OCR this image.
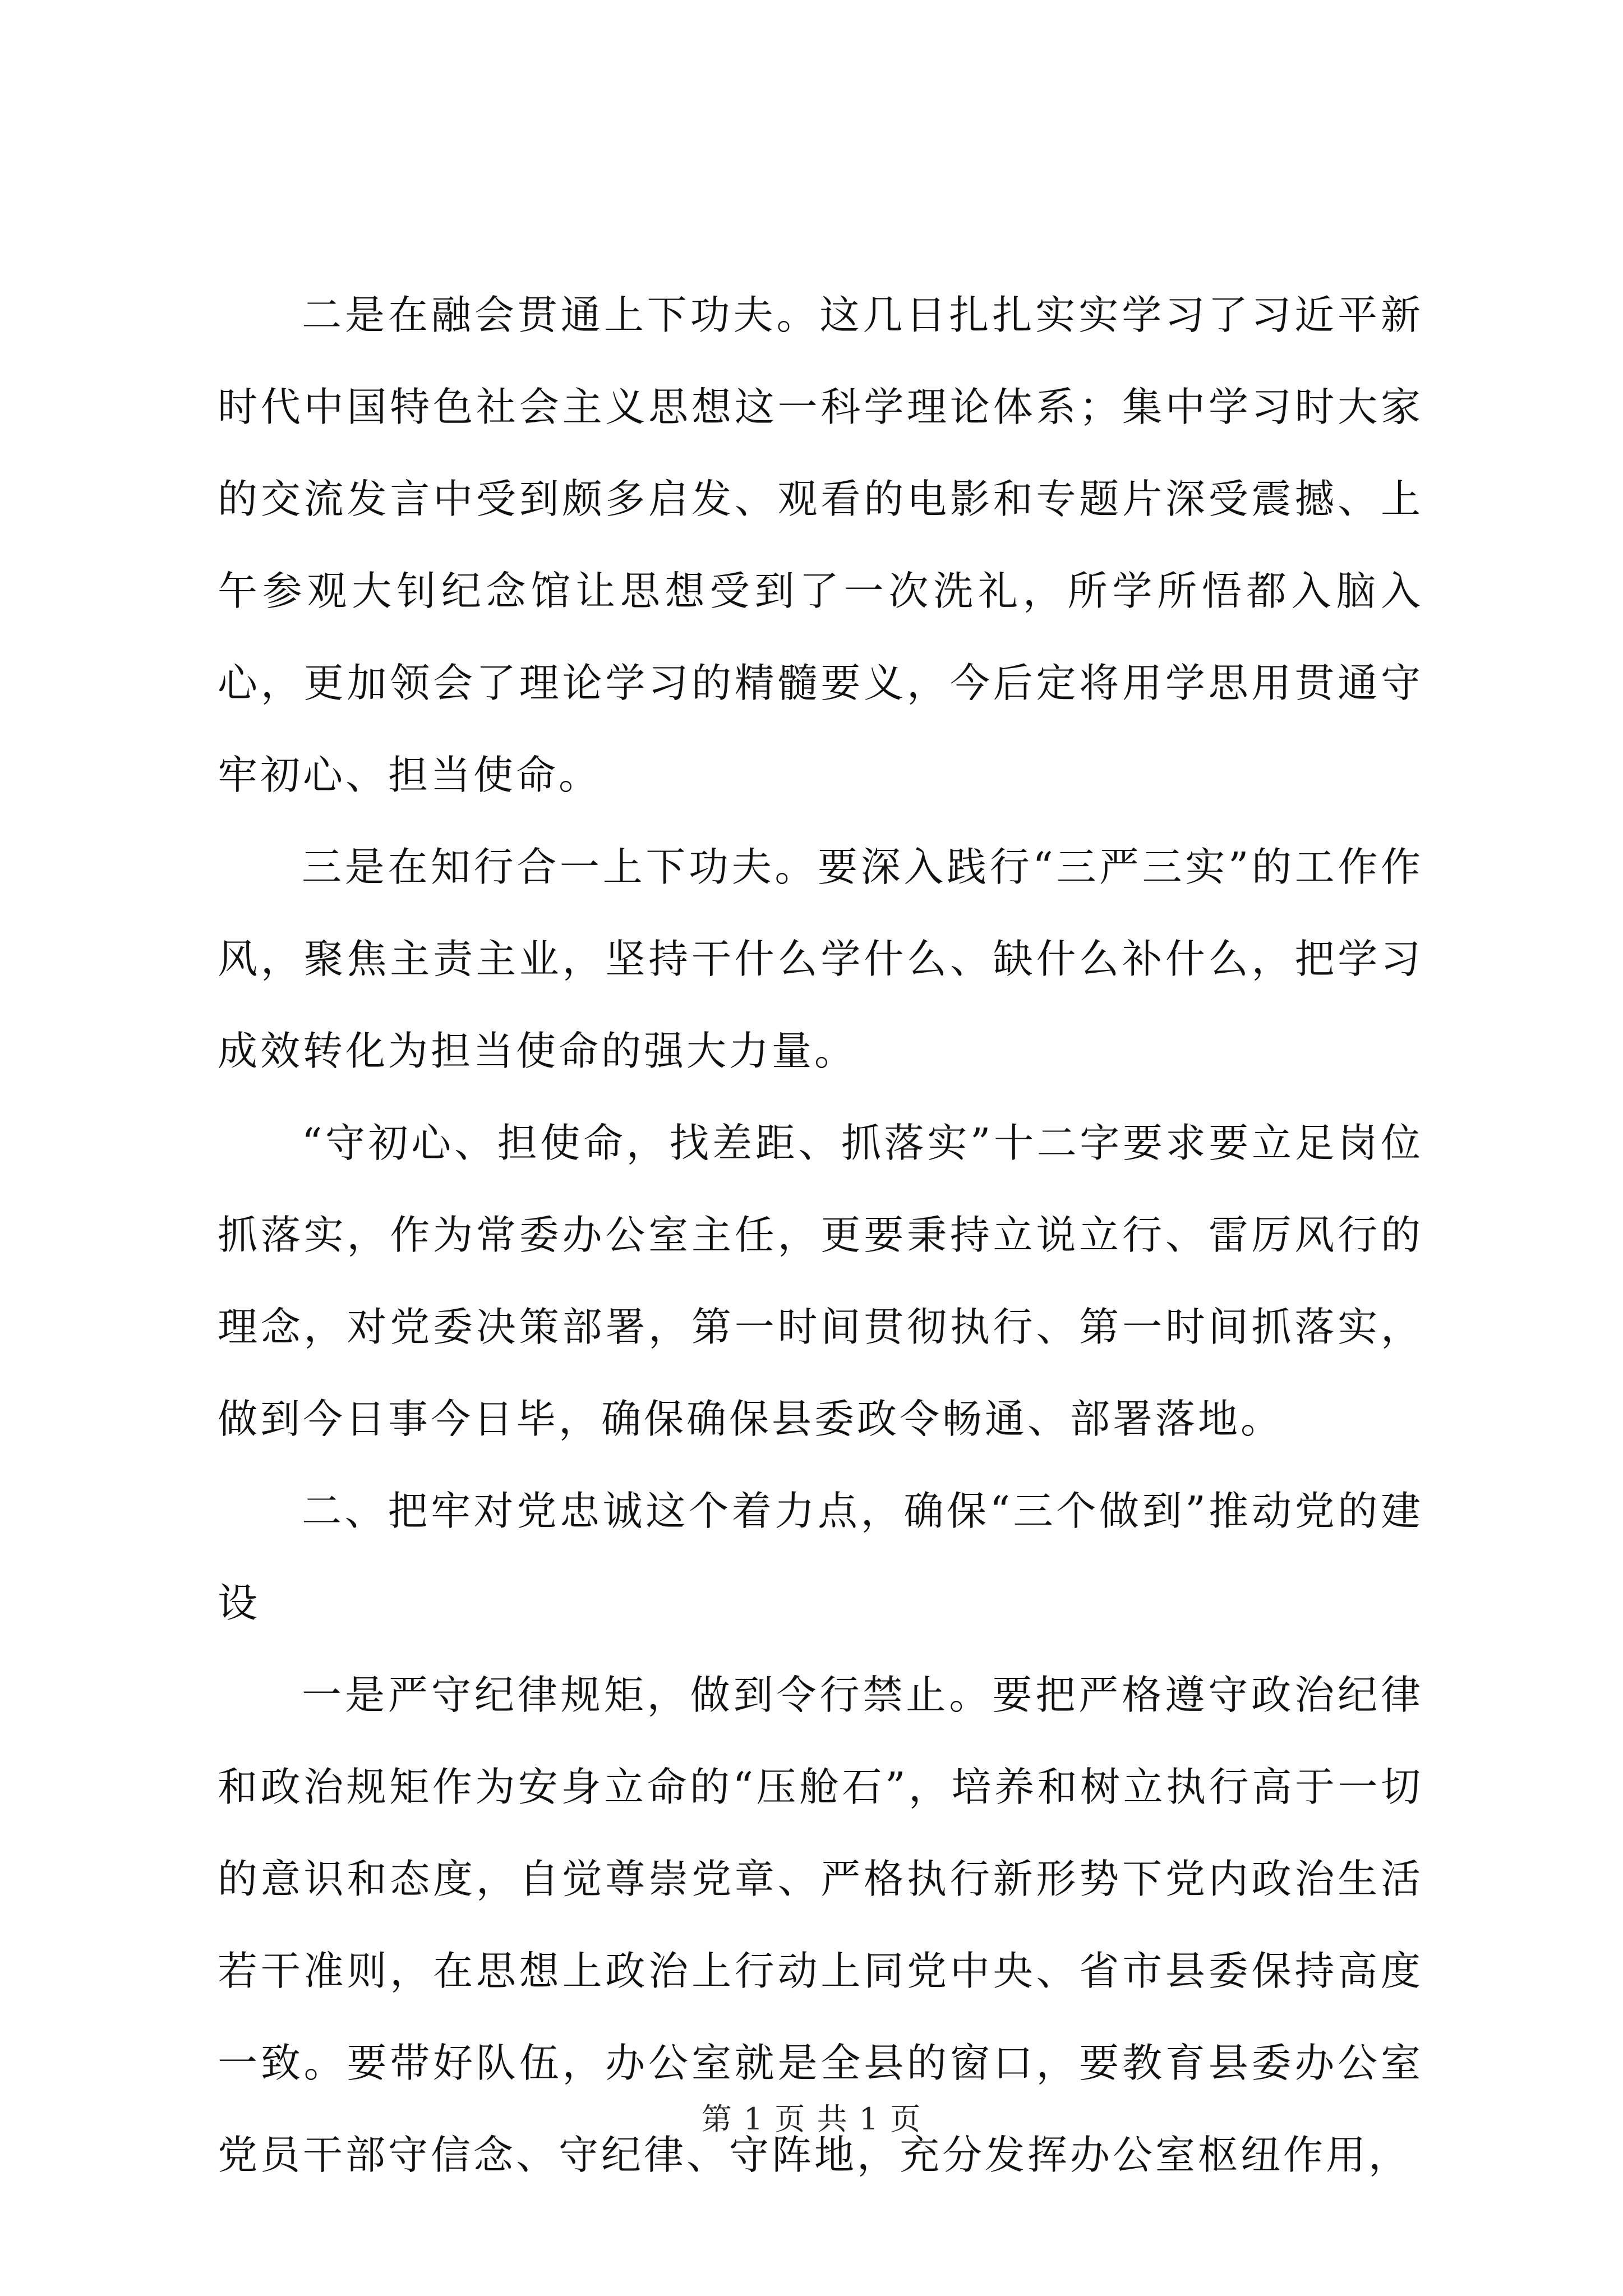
二是在融会贯通上下功夫。这几日扎扎实实学习了习近平新时代中国特色社会主义思想这一科学理论体系；集中学习时大家的交流发言中受到颇多启发、观看的电影和专题片深受震撼、上午参观大钊纪念馆让思想受到了一次洗礼，所学所悟都入脑入心，更加领会了理论学习的精髓要义，今后定将用学思用贯通守牢初心、担当使命。

三是在知行合一上下功夫。要深入践行“三严三实”的工作作风，聚焦主责主业，坚持干什么学什么、缺什么补什么，把学习成效转化为担当使命的强大力量。

“守初心、担使命，找差距、抓落实”十二字要求要立足岗位抓落实，作为常委办公室主任，更要秉持立说立行、雷厉风行的理念，对党委决策部署，第一时间贯彻执行、第一时间抓落实，做到今日事今日毕，确保确保县委政令畅通、部署落地。

二、把牢对党忠诚这个着力点，确保“三个做到”推动党的建设

一是严守纪律规矩，做到令行禁止。要把严格遵守政治纪律和政治规矩作为安身立命的“压舱石”，培养和树立执行高于一切的意识和态度，自觉尊崇党章、严格执行新形势下党内政治生活若干准则，在思想上政治上行动上同党中央、省市县委保持高度一致。要带好队伍，办公室就是全县的窗口，要教育县委办公室党员干部守信念、守纪律、守阵地，充分发挥办公室枢纽作用，

第 1 页 共 1 页
